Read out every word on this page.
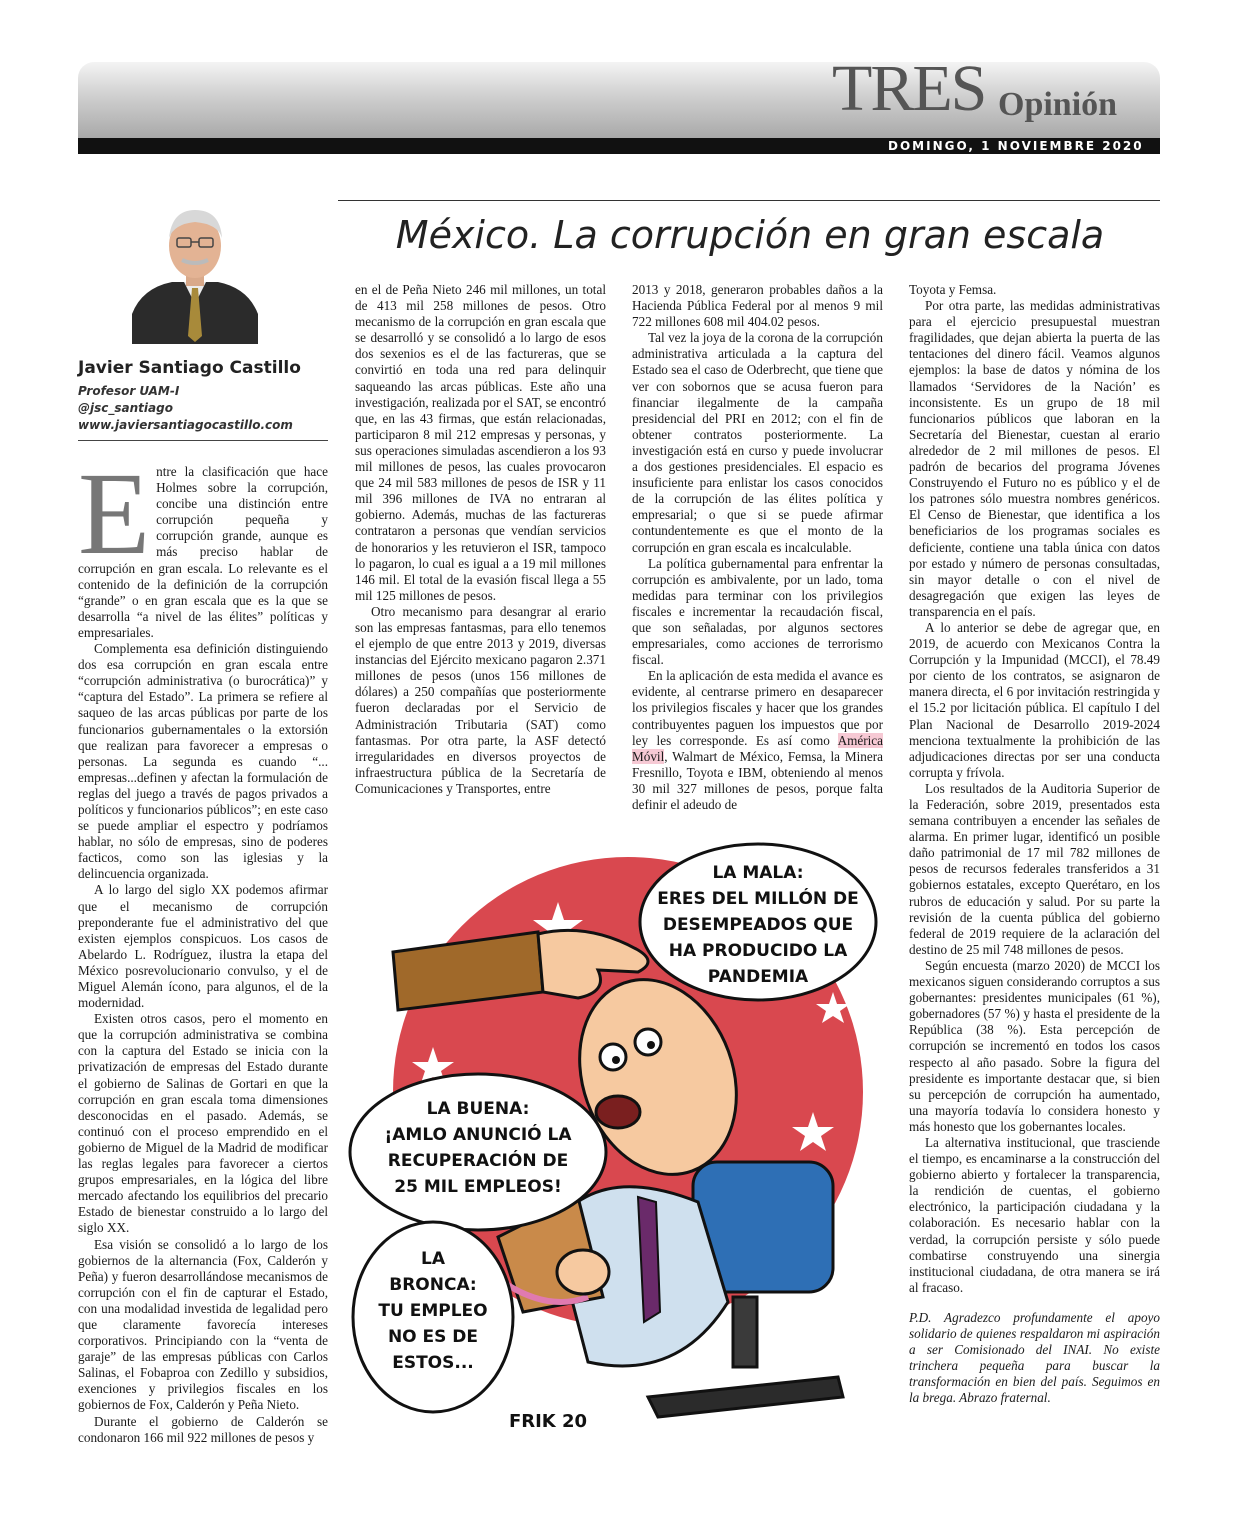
TRES Opinión
DOMINGO, 1 NOVIEMBRE 2020
México. La corrupción en gran escala
Javier Santiago Castillo
Profesor UAM-I
@jsc_santiago
www.javiersantiagocastillo.com
E ntre la clasificación que hace Holmes sobre la corrupción, concibe una distinción entre corrupción pequeña y corrupción grande, aunque es más preciso hablar de corrupción en gran escala. Lo relevante es el contenido de la definición de la corrupción “grande” o en gran escala que es la que se desarrolla “a nivel de las élites” políticas y empresariales.

Complementa esa definición distinguiendo dos esa corrupción en gran escala entre “corrupción administrativa (o burocrática)” y “captura del Estado”. La primera se refiere al saqueo de las arcas públicas por parte de los funcionarios gubernamentales o la extorsión que realizan para favorecer a empresas o personas. La segunda es cuando “... empresas...definen y afectan la formulación de reglas del juego a través de pagos privados a políticos y funcionarios públicos”; en este caso se puede ampliar el espectro y podríamos hablar, no sólo de empresas, sino de poderes facticos, como son las iglesias y la delincuencia organizada.

A lo largo del siglo XX podemos afirmar que el mecanismo de corrupción preponderante fue el administrativo del que existen ejemplos conspicuos. Los casos de Abelardo L. Rodríguez, ilustra la etapa del México posrevolucionario convulso, y el de Miguel Alemán ícono, para algunos, el de la modernidad.

Existen otros casos, pero el momento en que la corrupción administrativa se combina con la captura del Estado se inicia con la privatización de empresas del Estado durante el gobierno de Salinas de Gortari en que la corrupción en gran escala toma dimensiones desconocidas en el pasado. Además, se continuó con el proceso emprendido en el gobierno de Miguel de la Madrid de modificar las reglas legales para favorecer a ciertos grupos empresariales, en la lógica del libre mercado afectando los equilibrios del precario Estado de bienestar construido a lo largo del siglo XX.

Esa visión se consolidó a lo largo de los gobiernos de la alternancia (Fox, Calderón y Peña) y fueron desarrollándose mecanismos de corrupción con el fin de capturar el Estado, con una modalidad investida de legalidad pero que claramente favorecía intereses corporativos. Principiando con la “venta de garaje” de las empresas públicas con Carlos Salinas, el Fobaproa con Zedillo y subsidios, exenciones y privilegios fiscales en los gobiernos de Fox, Calderón y Peña Nieto.

Durante el gobierno de Calderón se condonaron 166 mil 922 millones de pesos y

en el de Peña Nieto 246 mil millones, un total de 413 mil 258 millones de pesos. Otro mecanismo de la corrupción en gran escala que se desarrolló y se consolidó a lo largo de esos dos sexenios es el de las factureras, que se convirtió en toda una red para delinquir saqueando las arcas públicas. Este año una investigación, realizada por el SAT, se encontró que, en las 43 firmas, que están relacionadas, participaron 8 mil 212 empresas y personas, y sus operaciones simuladas ascendieron a los 93 mil millones de pesos, las cuales provocaron que 24 mil 583 millones de pesos de ISR y 11 mil 396 millones de IVA no entraran al gobierno. Además, muchas de las factureras contrataron a personas que vendían servicios de honorarios y les retuvieron el ISR, tampoco lo pagaron, lo cual es igual a a 19 mil millones 146 mil. El total de la evasión fiscal llega a 55 mil 125 millones de pesos.

Otro mecanismo para desangrar al erario son las empresas fantasmas, para ello tenemos el ejemplo de que entre 2013 y 2019, diversas instancias del Ejército mexicano pagaron 2.371 millones de pesos (unos 156 millones de dólares) a 250 compañías que posteriormente fueron declaradas por el Servicio de Administración Tributaria (SAT) como fantasmas. Por otra parte, la ASF detectó irregularidades en diversos proyectos de infraestructura pública de la Secretaría de Comunicaciones y Transportes, entre

2013 y 2018, generaron probables daños a la Hacienda Pública Federal por al menos 9 mil 722 millones 608 mil 404.02 pesos.

Tal vez la joya de la corona de la corrupción administrativa articulada a la captura del Estado sea el caso de Oderbrecht, que tiene que ver con sobornos que se acusa fueron para financiar ilegalmente de la campaña presidencial del PRI en 2012; con el fin de obtener contratos posteriormente. La investigación está en curso y puede involucrar a dos gestiones presidenciales. El espacio es insuficiente para enlistar los casos conocidos de la corrupción de las élites política y empresarial; o que si se puede afirmar contundentemente es que el monto de la corrupción en gran escala es incalculable.

La política gubernamental para enfrentar la corrupción es ambivalente, por un lado, toma medidas para terminar con los privilegios fiscales e incrementar la recaudación fiscal, que son señaladas, por algunos sectores empresariales, como acciones de terrorismo fiscal.

En la aplicación de esta medida el avance es evidente, al centrarse primero en desaparecer los privilegios fiscales y hacer que los grandes contribuyentes paguen los impuestos que por ley les corresponde. Es así como América Móvil, Walmart de México, Femsa, la Minera Fresnillo, Toyota e IBM, obteniendo al menos 30 mil 327 millones de pesos, porque falta definir el adeudo de

Toyota y Femsa.

Por otra parte, las medidas administrativas para el ejercicio presupuestal muestran fragilidades, que dejan abierta la puerta de las tentaciones del dinero fácil. Veamos algunos ejemplos: la base de datos y nómina de los llamados ‘Servidores de la Nación’ es inconsistente. Es un grupo de 18 mil funcionarios públicos que laboran en la Secretaría del Bienestar, cuestan al erario alrededor de 2 mil millones de pesos. El padrón de becarios del programa Jóvenes Construyendo el Futuro no es público y el de los patrones sólo muestra nombres genéricos. El Censo de Bienestar, que identifica a los beneficiarios de los programas sociales es deficiente, contiene una tabla única con datos por estado y número de personas consultadas, sin mayor detalle o con el nivel de desagregación que exigen las leyes de transparencia en el país.

A lo anterior se debe de agregar que, en 2019, de acuerdo con Mexicanos Contra la Corrupción y la Impunidad (MCCI), el 78.49 por ciento de los contratos, se asignaron de manera directa, el 6 por invitación restringida y el 15.2 por licitación pública. El capítulo I del Plan Nacional de Desarrollo 2019-2024 menciona textualmente la prohibición de las adjudicaciones directas por ser una conducta corrupta y frívola.

Los resultados de la Auditoria Superior de la Federación, sobre 2019, presentados esta semana contribuyen a encender las señales de alarma. En primer lugar, identificó un posible daño patrimonial de 17 mil 782 millones de pesos de recursos federales transferidos a 31 gobiernos estatales, excepto Querétaro, en los rubros de educación y salud. Por su parte la revisión de la cuenta pública del gobierno federal de 2019 requiere de la aclaración del destino de 25 mil 748 millones de pesos.

Según encuesta (marzo 2020) de MCCI los mexicanos siguen considerando corruptos a sus gobernantes: presidentes municipales (61 %), gobernadores (57 %) y hasta el presidente de la República (38 %). Esta percepción de corrupción se incrementó en todos los casos respecto al año pasado. Sobre la figura del presidente es importante destacar que, si bien su percepción de corrupción ha aumentado, una mayoría todavía lo considera honesto y más honesto que los gobernantes locales.

La alternativa institucional, que trasciende el tiempo, es encaminarse a la construcción del gobierno abierto y fortalecer la transparencia, la rendición de cuentas, el gobierno electrónico, la participación ciudadana y la colaboración. Es necesario hablar con la verdad, la corrupción persiste y sólo puede combatirse construyendo una sinergia institucional ciudadana, de otra manera se irá al fracaso.

P.D. Agradezco profundamente el apoyo solidario de quienes respaldaron mi aspiración a ser Comisionado del INAI. No existe trinchera pequeña para buscar la transformación en bien del país. Seguimos en la brega. Abrazo fraternal.

LA MALA:
ERES DEL MILLÓN DE
DESEMPEADOS QUE
HA PRODUCIDO LA
PANDEMIA
LA BUENA:
¡AMLO ANUNCIÓ LA
RECUPERACIÓN DE
25 MIL EMPLEOS!
LA
BRONCA:
TU EMPLEO
NO ES DE
ESTOS...
FRIK 20
